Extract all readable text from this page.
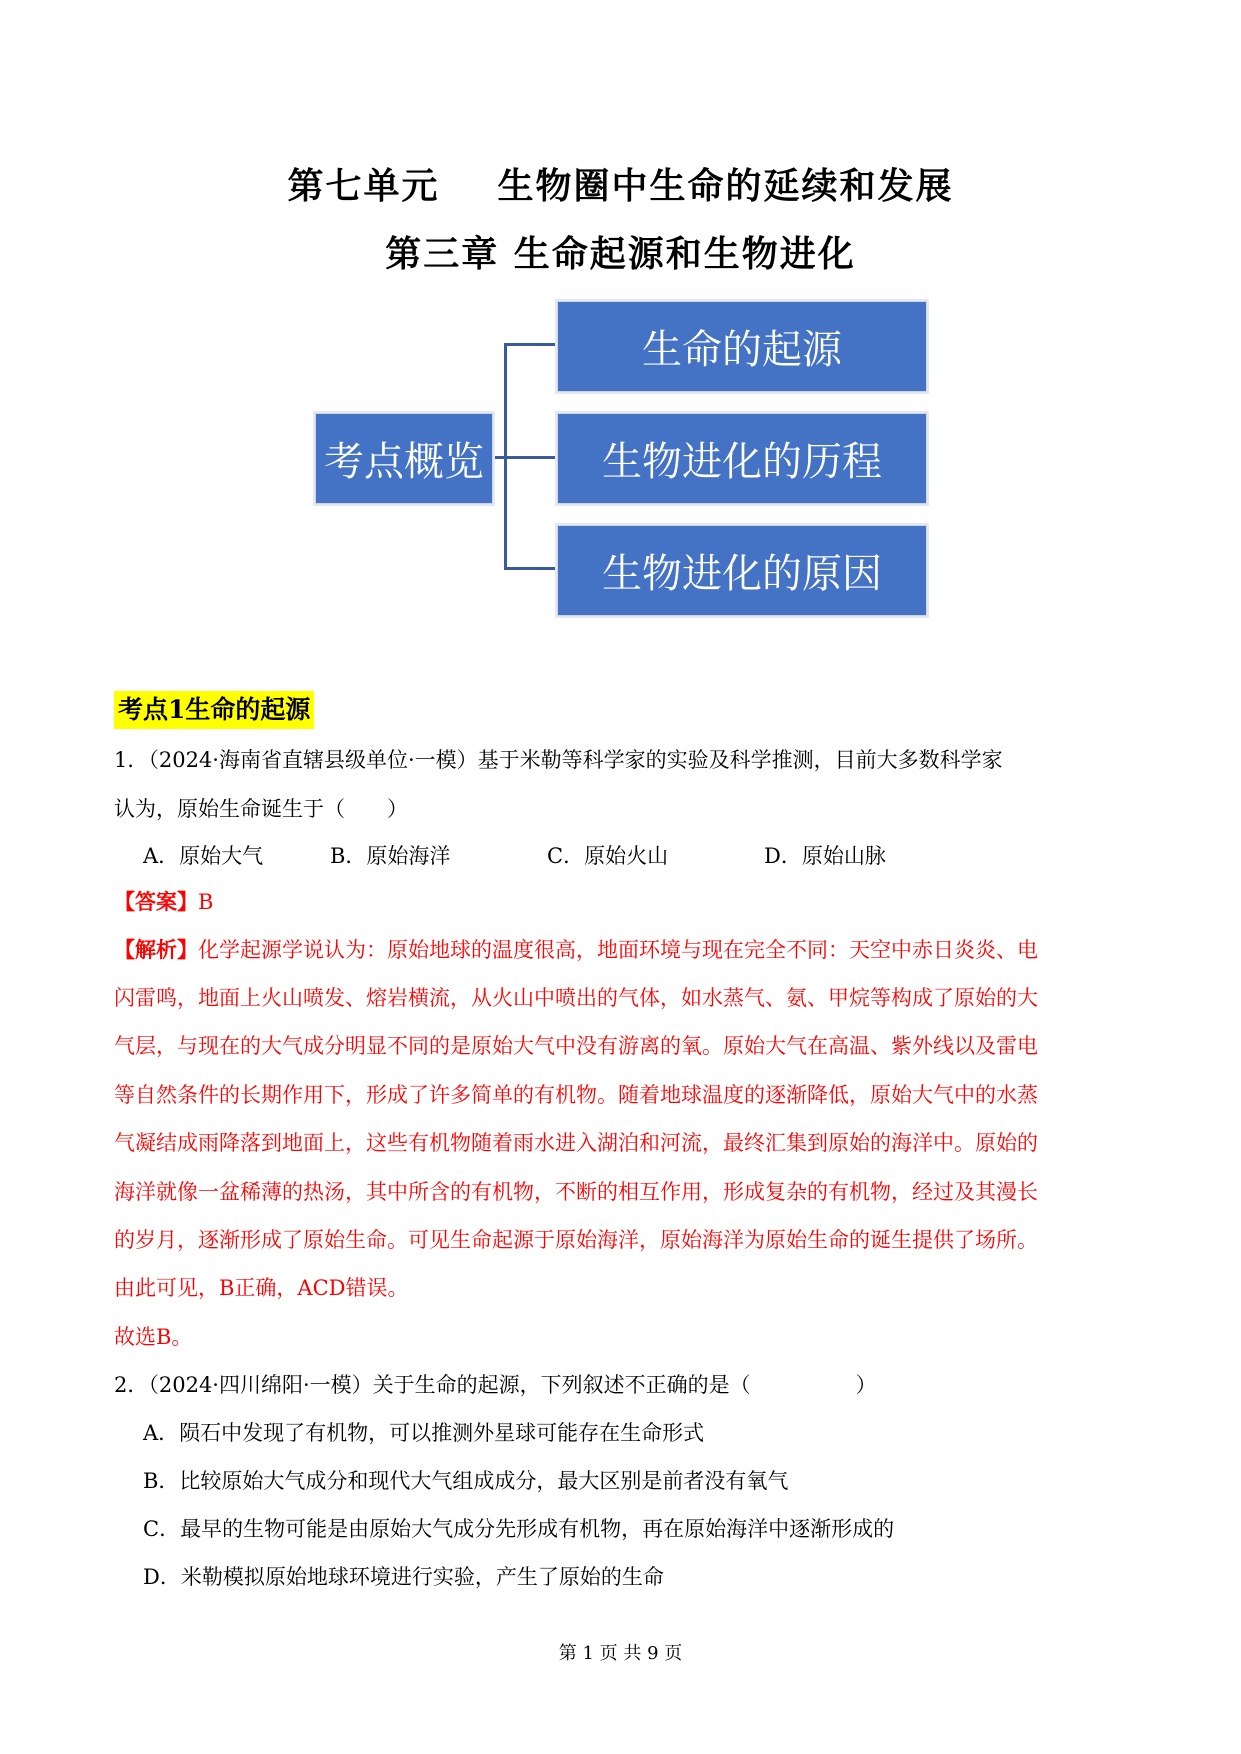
第七单元 生物圈中生命的延续和发展
第三章 生命起源和生物进化
考点概览
生命的起源
生物进化的历程
生物进化的原因
考点1生命的起源
1．（2024·海南省直辖县级单位·一模）基于米勒等科学家的实验及科学推测，目前大多数科学家
认为，原始生命诞生于（　　）
A．原始大气	B．原始海洋	C．原始火山	D．原始山脉
【答案】B
【解析】化学起源学说认为：原始地球的温度很高，地面环境与现在完全不同：天空中赤日炎炎、电
闪雷鸣，地面上火山喷发、熔岩横流，从火山中喷出的气体，如水蒸气、氨、甲烷等构成了原始的大
气层，与现在的大气成分明显不同的是原始大气中没有游离的氧。原始大气在高温、紫外线以及雷电
等自然条件的长期作用下，形成了许多简单的有机物。随着地球温度的逐渐降低，原始大气中的水蒸
气凝结成雨降落到地面上，这些有机物随着雨水进入湖泊和河流，最终汇集到原始的海洋中。原始的
海洋就像一盆稀薄的热汤，其中所含的有机物，不断的相互作用，形成复杂的有机物，经过及其漫长
的岁月，逐渐形成了原始生命。可见生命起源于原始海洋，原始海洋为原始生命的诞生提供了场所。
由此可见，B正确，ACD错误。
故选B。
2．（2024·四川绵阳·一模）关于生命的起源，下列叙述不正确的是（　　　　　）
A．陨石中发现了有机物，可以推测外星球可能存在生命形式
B．比较原始大气成分和现代大气组成成分，最大区别是前者没有氧气
C．最早的生物可能是由原始大气成分先形成有机物，再在原始海洋中逐渐形成的
D．米勒模拟原始地球环境进行实验，产生了原始的生命
第 1 页 共 9 页
